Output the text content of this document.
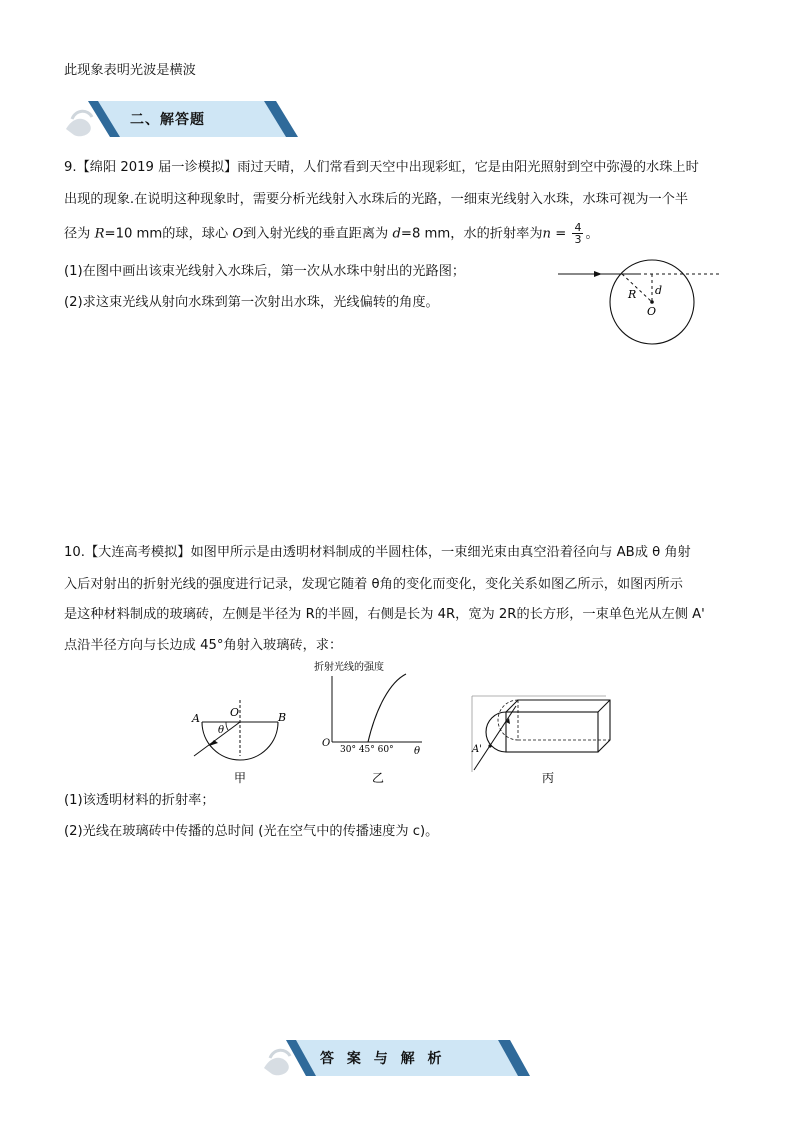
此现象表明光波是横波
二、解答题
9.【绵阳 2019 届一诊模拟】雨过天晴，人们常看到天空中出现彩虹，它是由阳光照射到空中弥漫的水珠上时
出现的现象.在说明这种现象时，需要分析光线射入水珠后的光路，一细束光线射入水珠，水珠可视为一个半
径为 R=10 mm的球，球心 O到入射光线的垂直距离为 d=8 mm，水的折射率为$n = \frac{4}{3}$ 。
(1)在图中画出该束光线射入水珠后，第一次从水珠中射出的光路图；
(2)求这束光线从射向水珠到第一次射出水珠，光线偏转的角度。
R d
O
10.【大连高考模拟】如图甲所示是由透明材料制成的半圆柱体，一束细光束由真空沿着径向与 AB成 θ 角射
入后对射出的折射光线的强度进行记录，发现它随着 θ角的变化而变化，变化关系如图乙所示，如图丙所示
是这种材料制成的玻璃砖，左侧是半径为 R的半圆，右侧是长为 4R，宽为 2R的长方形，一束单色光从左侧 A'
点沿半径方向与长边成 45°角射入玻璃砖，求：
A	O	B
θ
甲
折射光线的强度
O
30° 45° 60° θ
乙
A'
丙
(1)该透明材料的折射率；
(2)光线在玻璃砖中传播的总时间 (光在空气中的传播速度为 c)。
答 案 与 解 析
